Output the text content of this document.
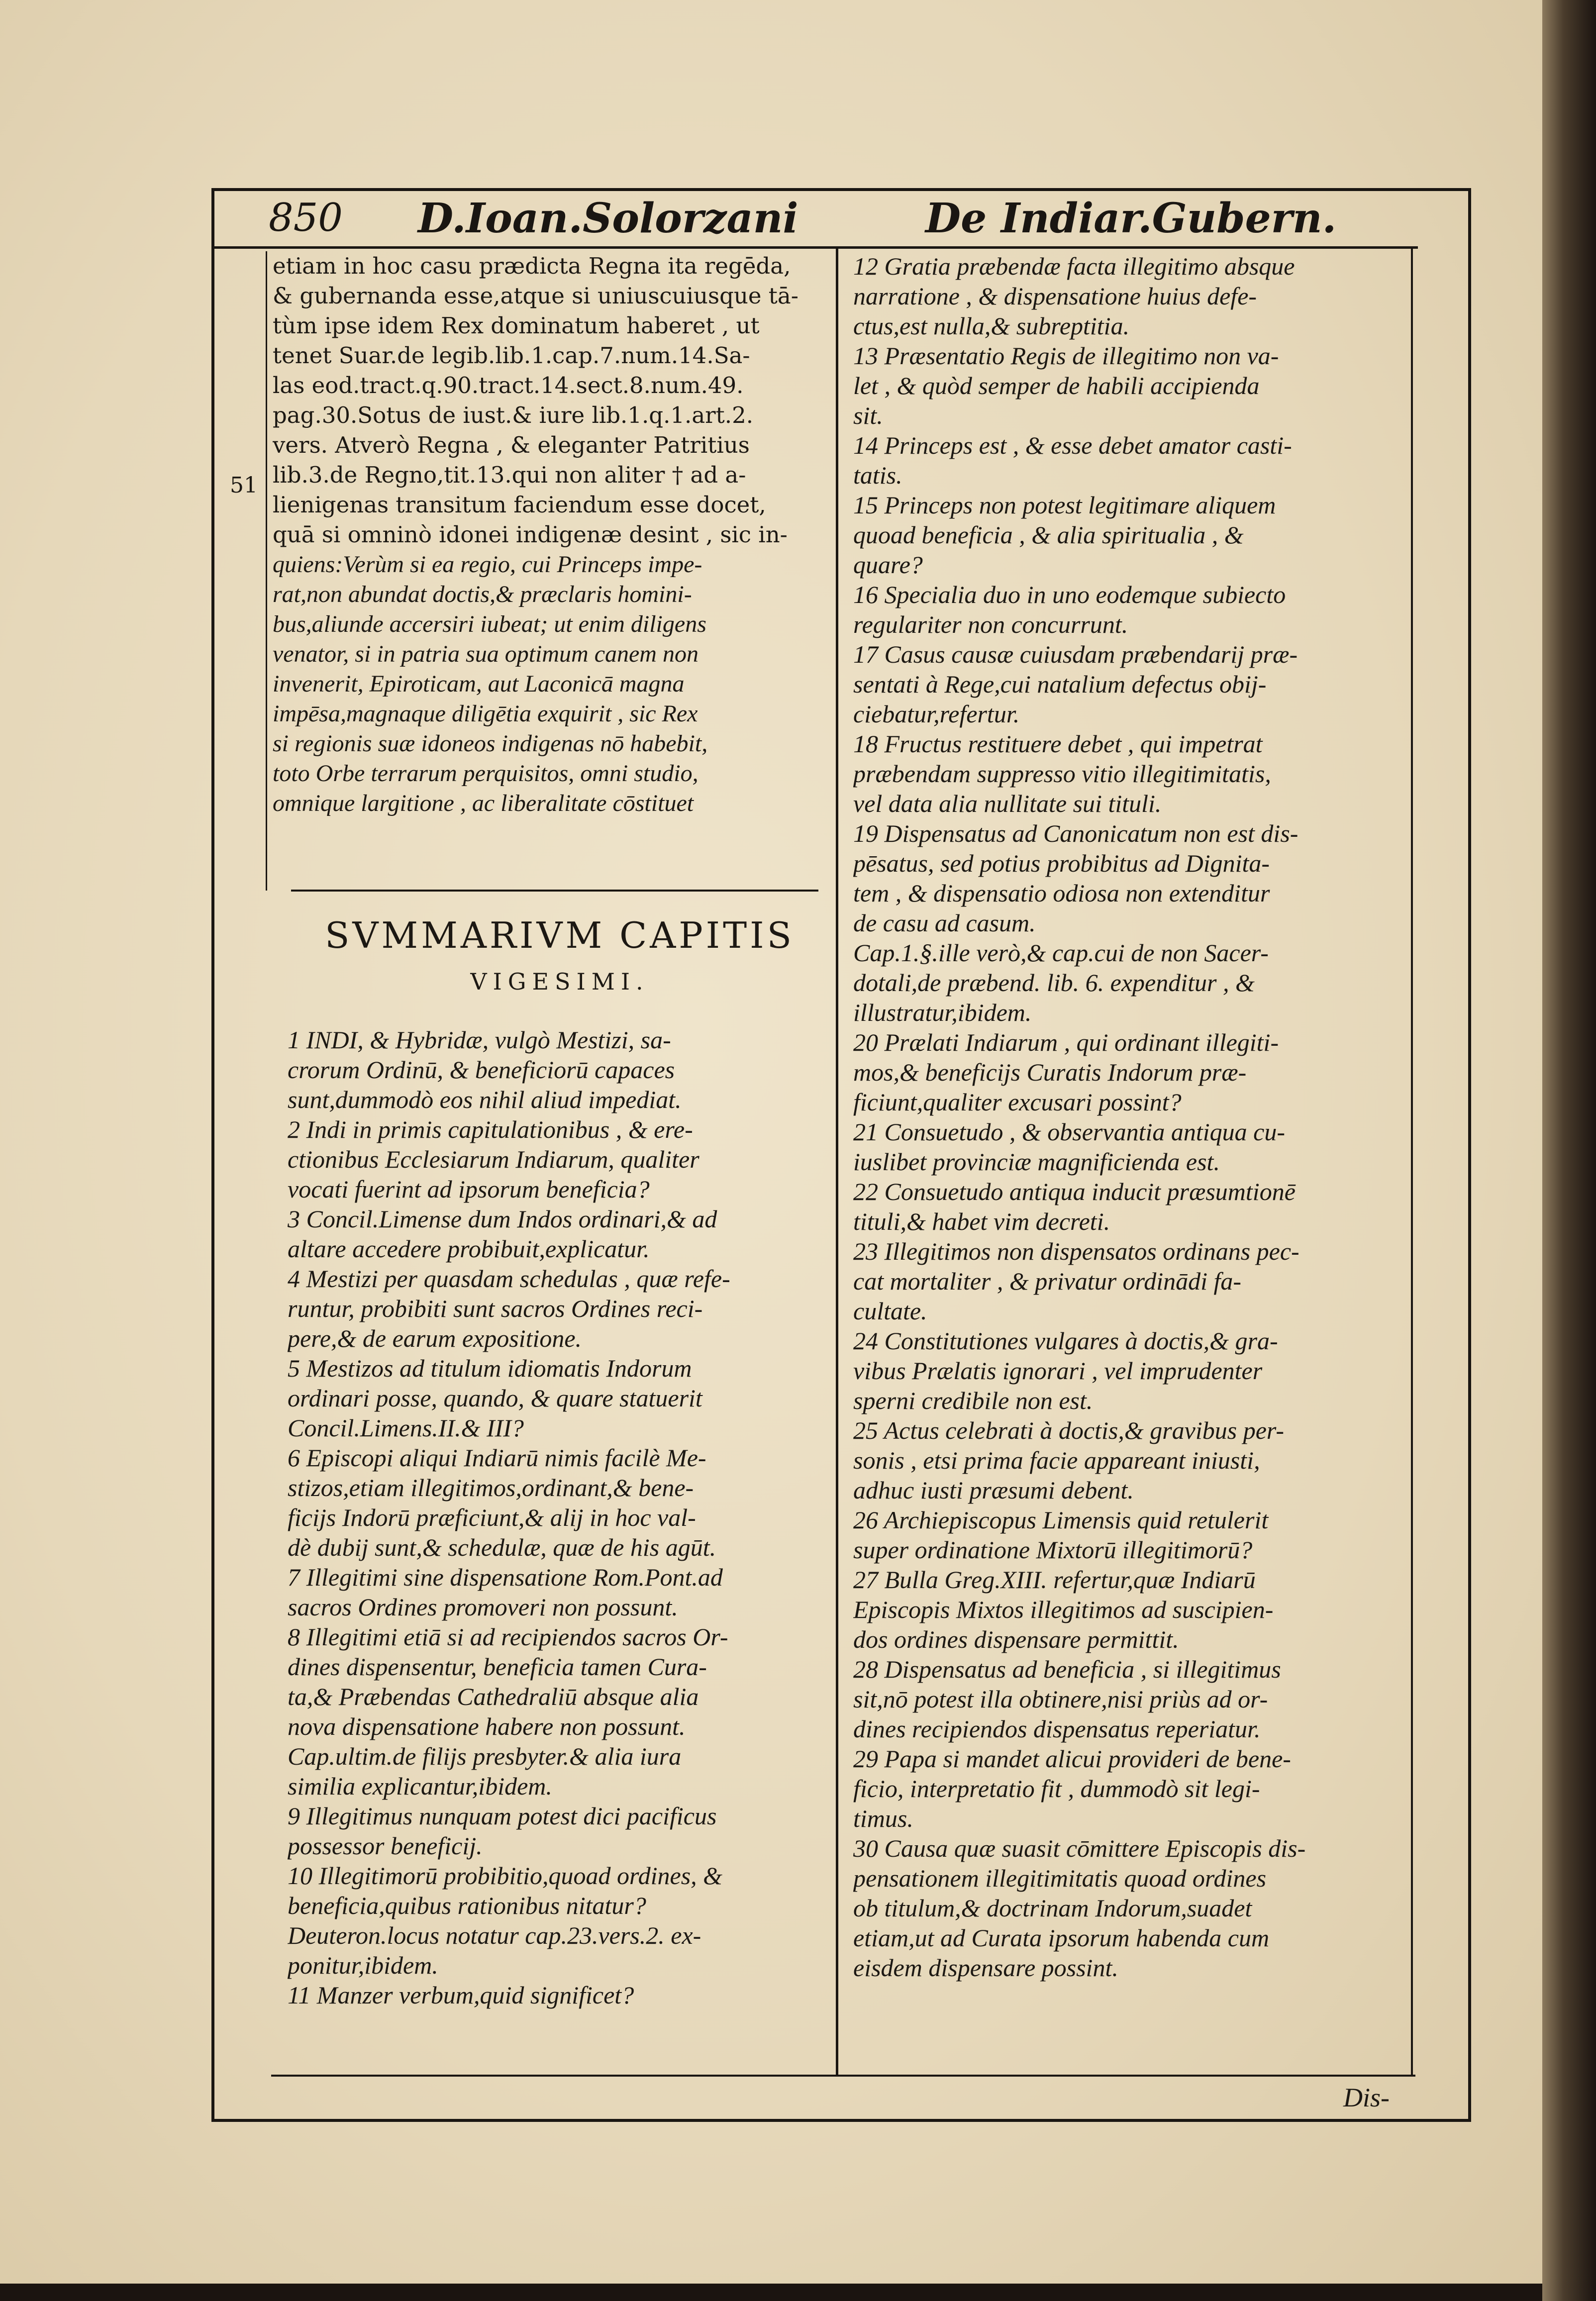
850 D.Ioan.Solorzani	De Indiar.Gubern.
51
etiam in hoc casu prædicta Regna ita regēda,
& gubernanda esse,atque si uniuscuiusque tā-
tùm ipse idem Rex dominatum haberet , ut
tenet Suar.de legib.lib.1.cap.7.num.14.Sa-
las eod.tract.q.90.tract.14.sect.8.num.49.
pag.30.Sotus de iust.& iure lib.1.q.1.art.2.
vers. Atverò Regna , & eleganter Patritius
lib.3.de Regno,tit.13.qui non aliter † ad a-
lienigenas transitum faciendum esse docet,
quā si omninò idonei indigenæ desint , sic in-
quiens:Verùm si ea regio, cui Princeps impe-
rat,non abundat doctis,& præclaris homini-
bus,aliunde accersiri iubeat; ut enim diligens
venator, si in patria sua optimum canem non
invenerit, Epiroticam, aut Laconicā magna
impēsa,magnaque diligētia exquirit , sic Rex
si regionis suæ idoneos indigenas nō habebit,
toto Orbe terrarum perquisitos, omni studio,
omnique largitione , ac liberalitate cōstituet
SVMMARIVM CAPITIS
VIGESIMI.
1 INDI, & Hybridæ, vulgò Mestizi, sa-
crorum Ordinū, & beneficiorū capaces
sunt,dummodò eos nihil aliud impediat.
2 Indi in primis capitulationibus , & ere-
ctionibus Ecclesiarum Indiarum, qualiter
vocati fuerint ad ipsorum beneficia?
3 Concil.Limense dum Indos ordinari,& ad
altare accedere probibuit,explicatur.
4 Mestizi per quasdam schedulas , quæ refe-
runtur, probibiti sunt sacros Ordines reci-
pere,& de earum expositione.
5 Mestizos ad titulum idiomatis Indorum
ordinari posse, quando, & quare statuerit
Concil.Limens.II.& III?
6 Episcopi aliqui Indiarū nimis facilè Me-
stizos,etiam illegitimos,ordinant,& bene-
ficijs Indorū præficiunt,& alij in hoc val-
dè dubij sunt,& schedulæ, quæ de his agūt.
7 Illegitimi sine dispensatione Rom.Pont.ad
sacros Ordines promoveri non possunt.
8 Illegitimi etiā si ad recipiendos sacros Or-
dines dispensentur, beneficia tamen Cura-
ta,& Præbendas Cathedraliū absque alia
nova dispensatione habere non possunt.
Cap.ultim.de filijs presbyter.& alia iura
similia explicantur,ibidem.
9 Illegitimus nunquam potest dici pacificus
possessor beneficij.
10 Illegitimorū probibitio,quoad ordines, &
beneficia,quibus rationibus nitatur?
Deuteron.locus notatur cap.23.vers.2. ex-
ponitur,ibidem.
11 Manzer verbum,quid significet?
12 Gratia præbendæ facta illegitimo absque
narratione , & dispensatione huius defe-
ctus,est nulla,& subreptitia.
13 Præsentatio Regis de illegitimo non va-
let , & quòd semper de habili accipienda
sit.
14 Princeps est , & esse debet amator casti-
tatis.
15 Princeps non potest legitimare aliquem
quoad beneficia , & alia spiritualia , &
quare?
16 Specialia duo in uno eodemque subiecto
regulariter non concurrunt.
17 Casus causæ cuiusdam præbendarij præ-
sentati à Rege,cui natalium defectus obij-
ciebatur,refertur.
18 Fructus restituere debet , qui impetrat
præbendam suppresso vitio illegitimitatis,
vel data alia nullitate sui tituli.
19 Dispensatus ad Canonicatum non est dis-
pēsatus, sed potius probibitus ad Dignita-
tem , & dispensatio odiosa non extenditur
de casu ad casum.
Cap.1.§.ille verò,& cap.cui de non Sacer-
dotali,de præbend. lib. 6. expenditur , &
illustratur,ibidem.
20 Prælati Indiarum , qui ordinant illegiti-
mos,& beneficijs Curatis Indorum præ-
ficiunt,qualiter excusari possint?
21 Consuetudo , & observantia antiqua cu-
iuslibet provinciæ magnificienda est.
22 Consuetudo antiqua inducit præsumtionē
tituli,& habet vim decreti.
23 Illegitimos non dispensatos ordinans pec-
cat mortaliter , & privatur ordinādi fa-
cultate.
24 Constitutiones vulgares à doctis,& gra-
vibus Prælatis ignorari , vel imprudenter
sperni credibile non est.
25 Actus celebrati à doctis,& gravibus per-
sonis , etsi prima facie appareant iniusti,
adhuc iusti præsumi debent.
26 Archiepiscopus Limensis quid retulerit
super ordinatione Mixtorū illegitimorū?
27 Bulla Greg.XIII. refertur,quæ Indiarū
Episcopis Mixtos illegitimos ad suscipien-
dos ordines dispensare permittit.
28 Dispensatus ad beneficia , si illegitimus
sit,nō potest illa obtinere,nisi priùs ad or-
dines recipiendos dispensatus reperiatur.
29 Papa si mandet alicui provideri de bene-
ficio, interpretatio fit , dummodò sit legi-
timus.
30 Causa quæ suasit cōmittere Episcopis dis-
pensationem illegitimitatis quoad ordines
ob titulum,& doctrinam Indorum,suadet
etiam,ut ad Curata ipsorum habenda cum
eisdem dispensare possint.
Dis-
